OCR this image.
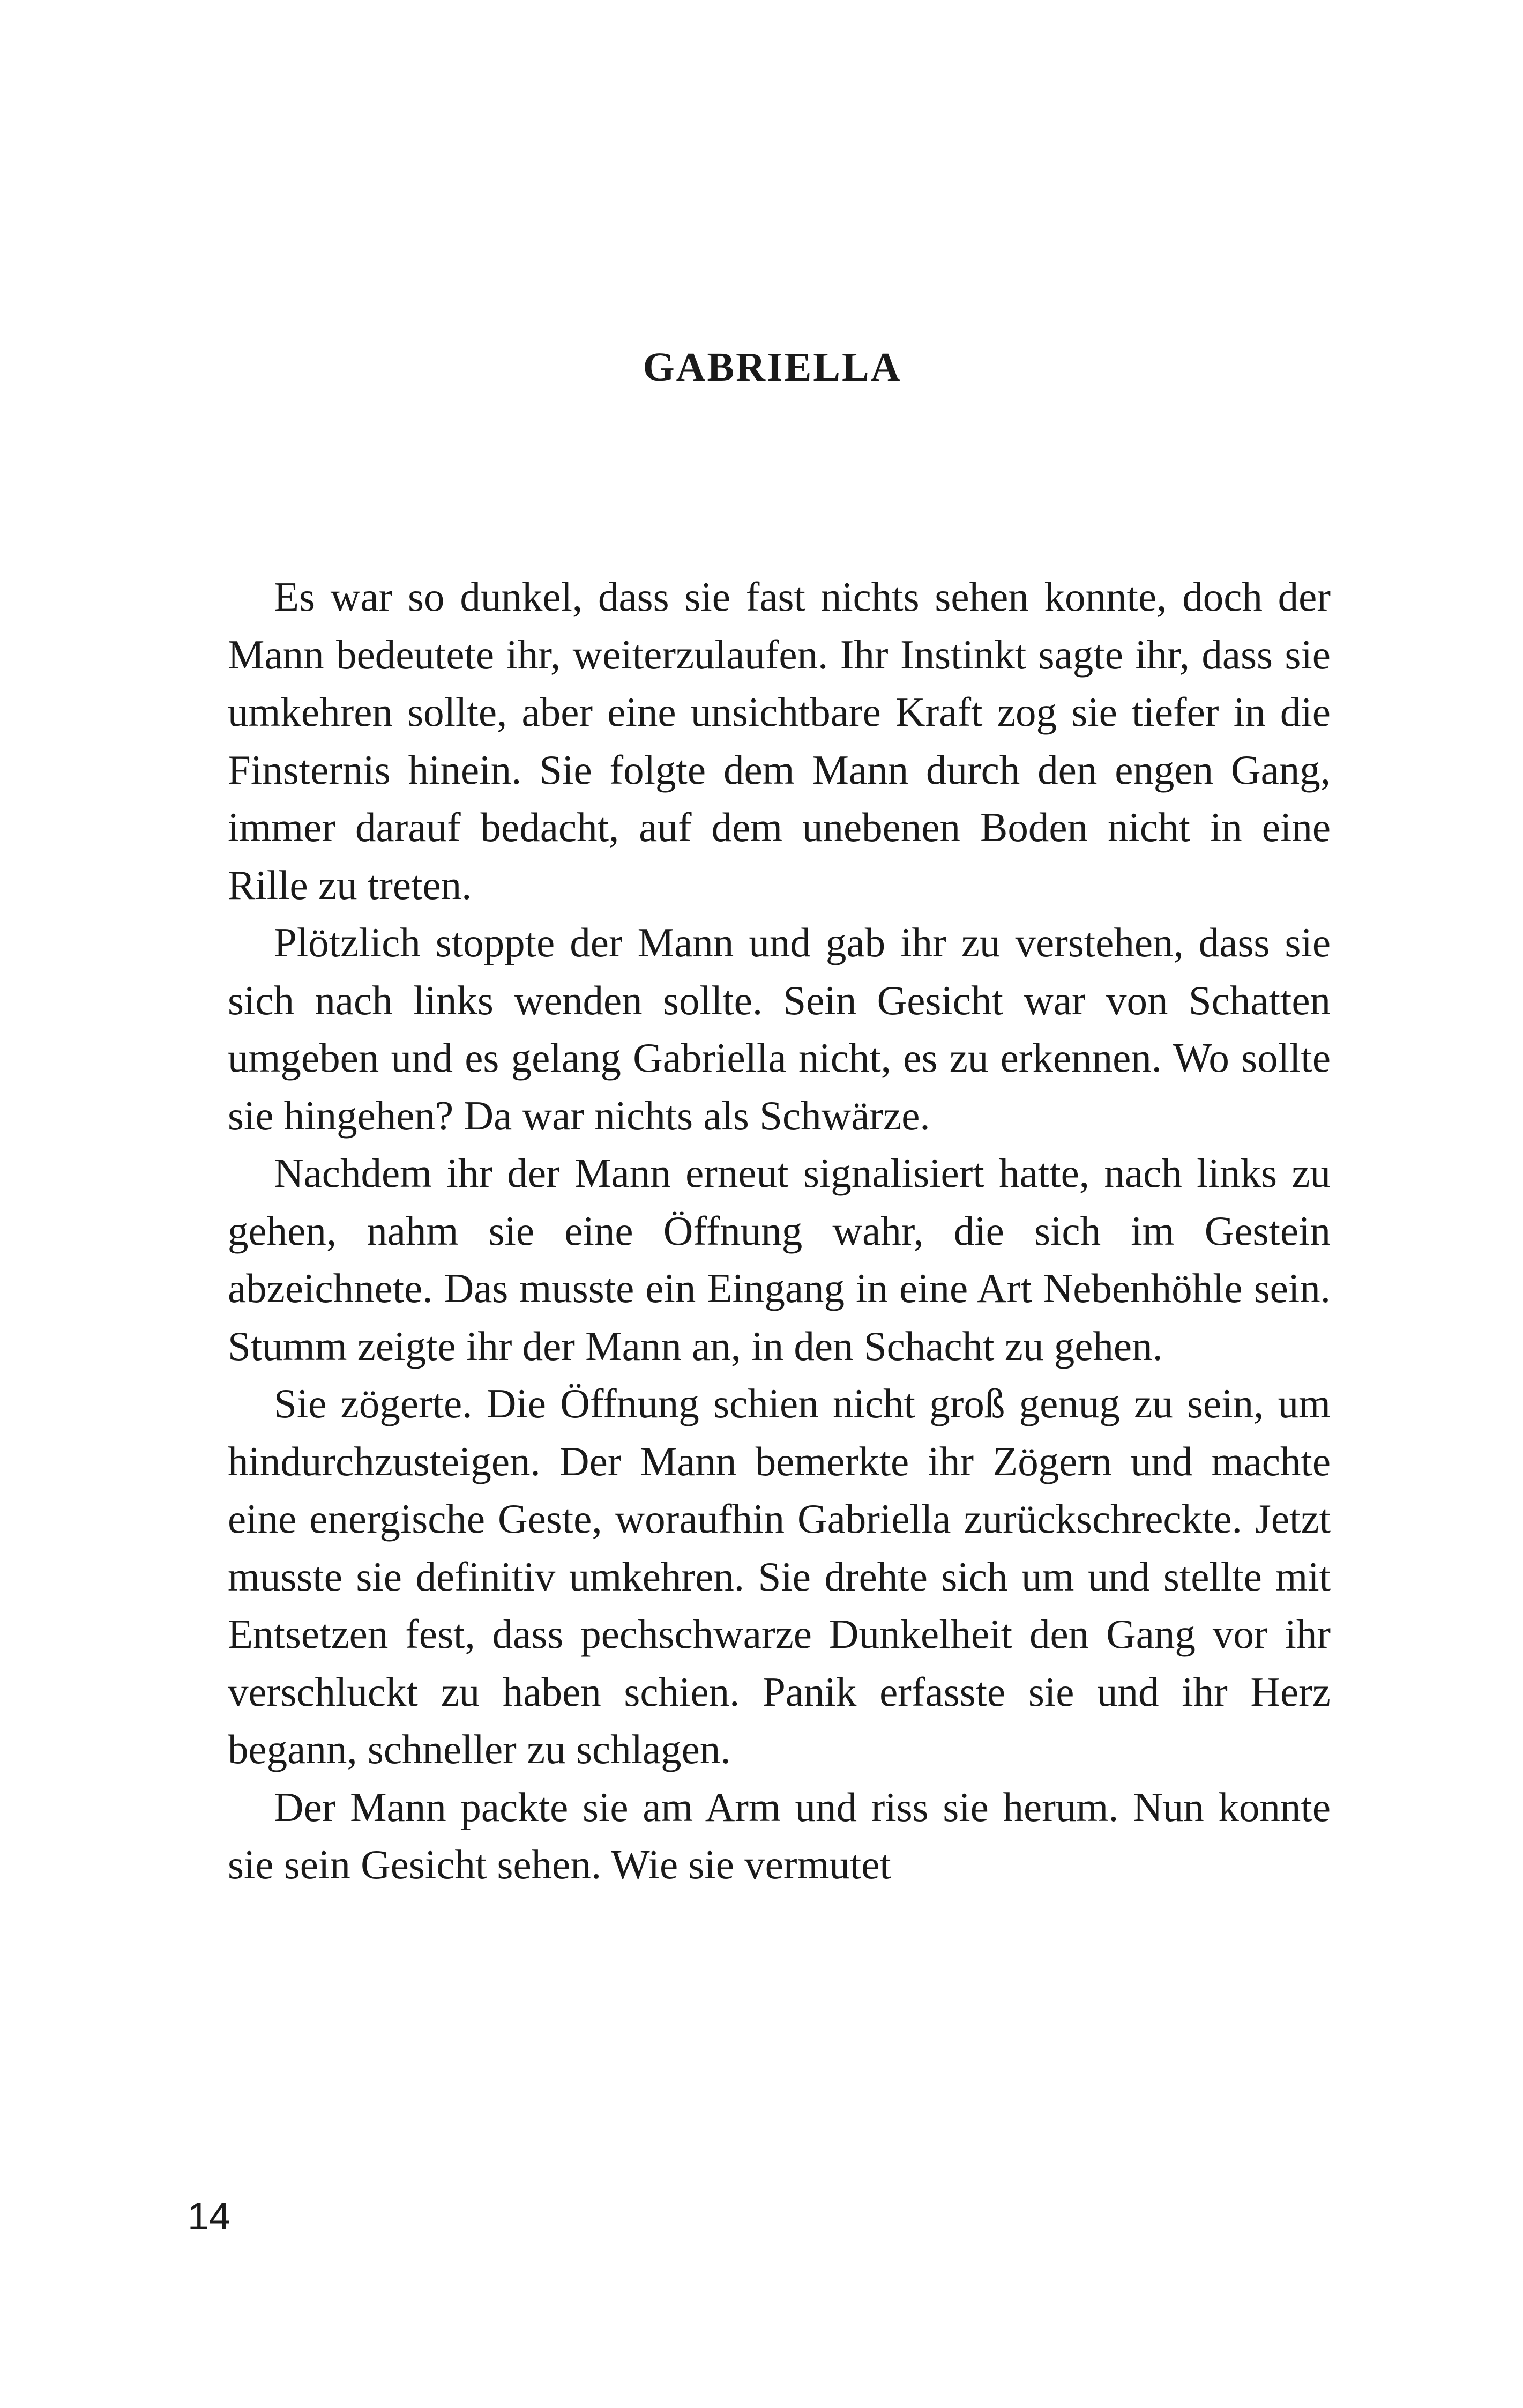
GABRIELLA

Es war so dunkel, dass sie fast nichts sehen konnte, doch der Mann bedeutete ihr, weiterzulaufen. Ihr Instinkt sagte ihr, dass sie umkehren sollte, aber eine unsichtbare Kraft zog sie tiefer in die Finsternis hinein. Sie folgte dem Mann durch den engen Gang, immer darauf bedacht, auf dem unebenen Boden nicht in eine Rille zu treten.

Plötzlich stoppte der Mann und gab ihr zu verstehen, dass sie sich nach links wenden sollte. Sein Gesicht war von Schatten umgeben und es gelang Gabriella nicht, es zu erkennen. Wo sollte sie hingehen? Da war nichts als Schwärze.

Nachdem ihr der Mann erneut signalisiert hatte, nach links zu gehen, nahm sie eine Öffnung wahr, die sich im Gestein abzeichnete. Das musste ein Eingang in eine Art Nebenhöhle sein. Stumm zeigte ihr der Mann an, in den Schacht zu gehen.

Sie zögerte. Die Öffnung schien nicht groß genug zu sein, um hindurchzusteigen. Der Mann bemerkte ihr Zögern und machte eine energische Geste, woraufhin Gabriella zurückschreckte. Jetzt musste sie definitiv umkehren. Sie drehte sich um und stellte mit Entsetzen fest, dass pechschwarze Dunkelheit den Gang vor ihr verschluckt zu haben schien. Panik erfasste sie und ihr Herz begann, schneller zu schlagen.

Der Mann packte sie am Arm und riss sie herum. Nun konnte sie sein Gesicht sehen. Wie sie vermutet

14
